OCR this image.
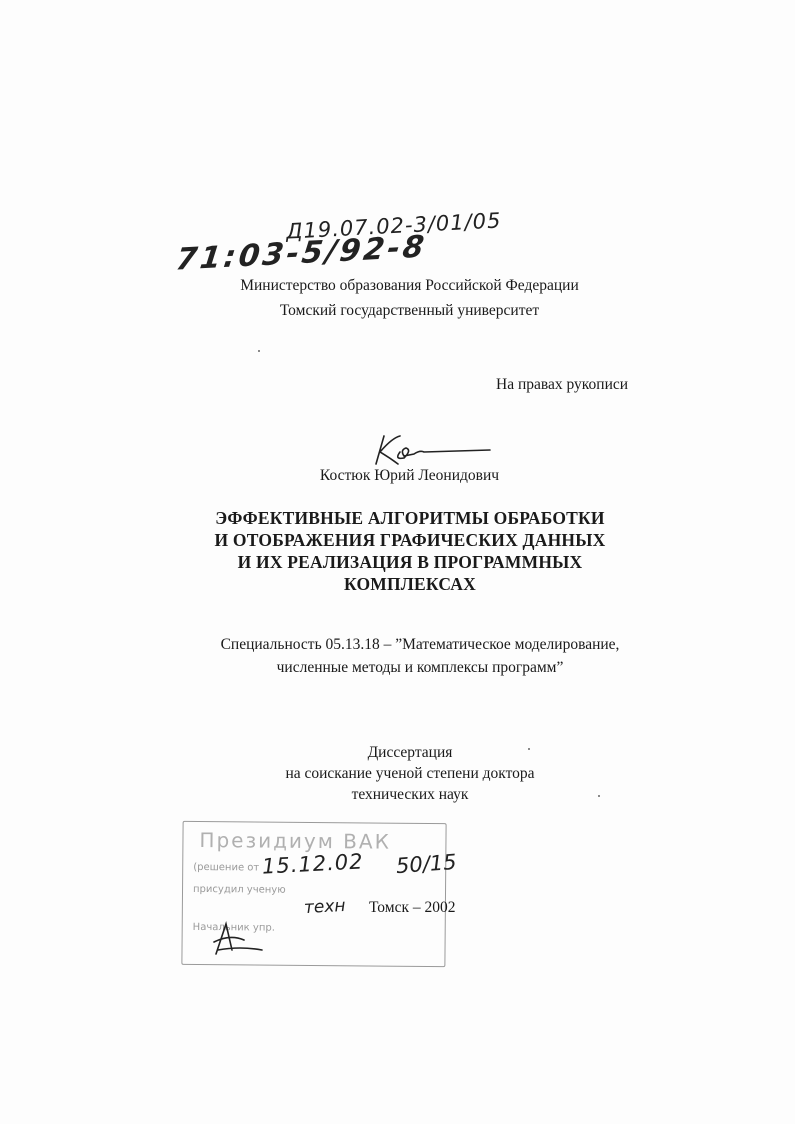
Д19.07.02-3/01/05
71:03-5/92-8
Министерство образования Российской Федерации
Томский государственный университет
На правах рукописи
Костюк Юрий Леонидович
ЭФФЕКТИВНЫЕ АЛГОРИТМЫ ОБРАБОТКИ
И ОТОБРАЖЕНИЯ ГРАФИЧЕСКИХ ДАННЫХ
И ИХ РЕАЛИЗАЦИЯ В ПРОГРАММНЫХ
КОМПЛЕКСАХ
Специальность 05.13.18 – ”Математическое моделирование,
численные методы и комплексы программ”
Диссертация
на соискание ученой степени доктора
технических наук
Президиум ВАК
(решение от
присудил ученую
Начальник упр.
15.12.02 50/15
техн Томск – 2002
